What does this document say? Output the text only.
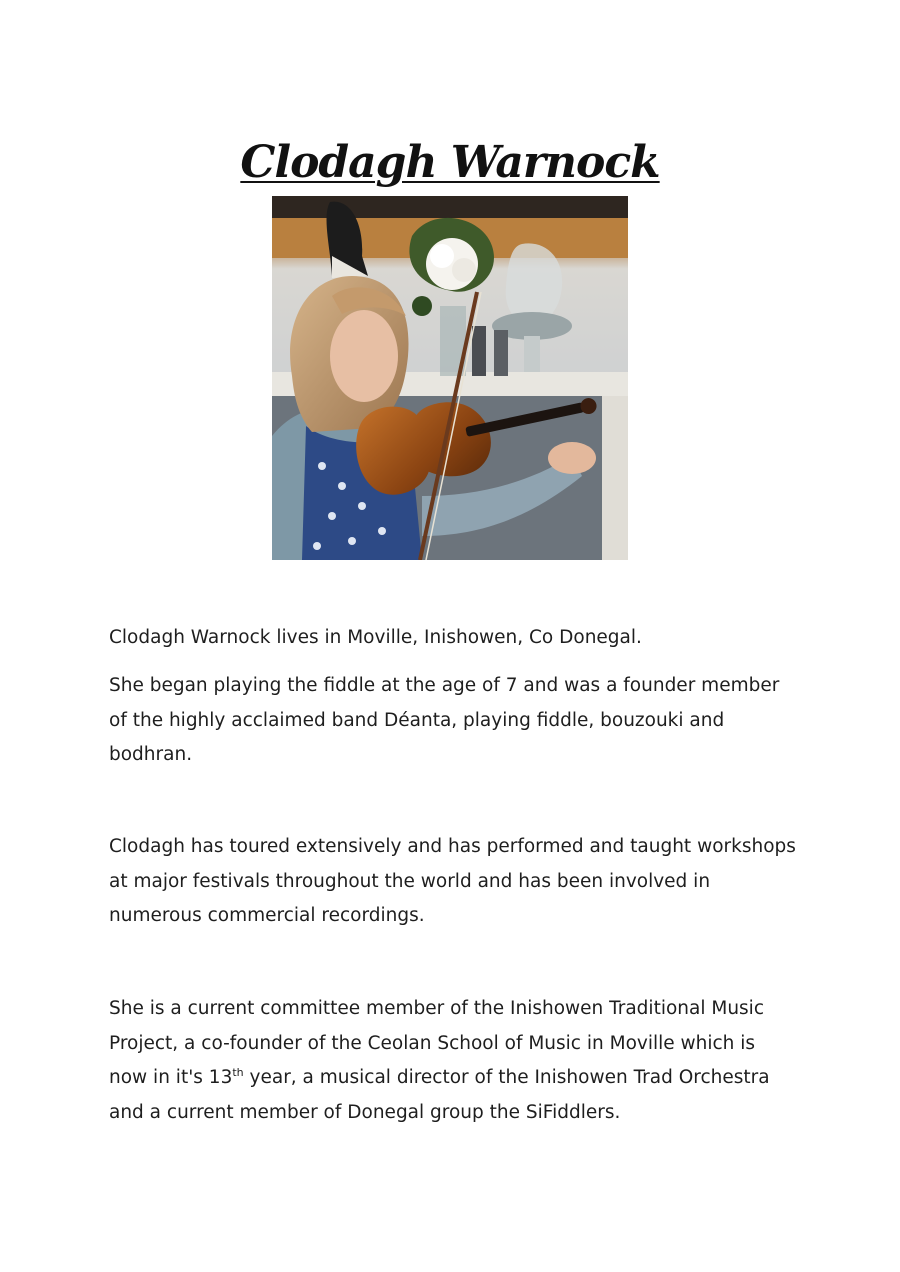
Clodagh Warnock

Clodagh Warnock lives in Moville, Inishowen, Co Donegal.

She began playing the fiddle at the age of 7 and was a founder member of the highly acclaimed band Déanta, playing fiddle, bouzouki and bodhran.

Clodagh has toured extensively and has performed and taught workshops at major festivals throughout the world and has been involved in numerous commercial recordings.

She is a current committee member of the Inishowen Traditional Music Project, a co-founder of the Ceolan School of Music in Moville which is now in it's 13th year, a musical director of the Inishowen Trad Orchestra and a current member of Donegal group the SiFiddlers.
